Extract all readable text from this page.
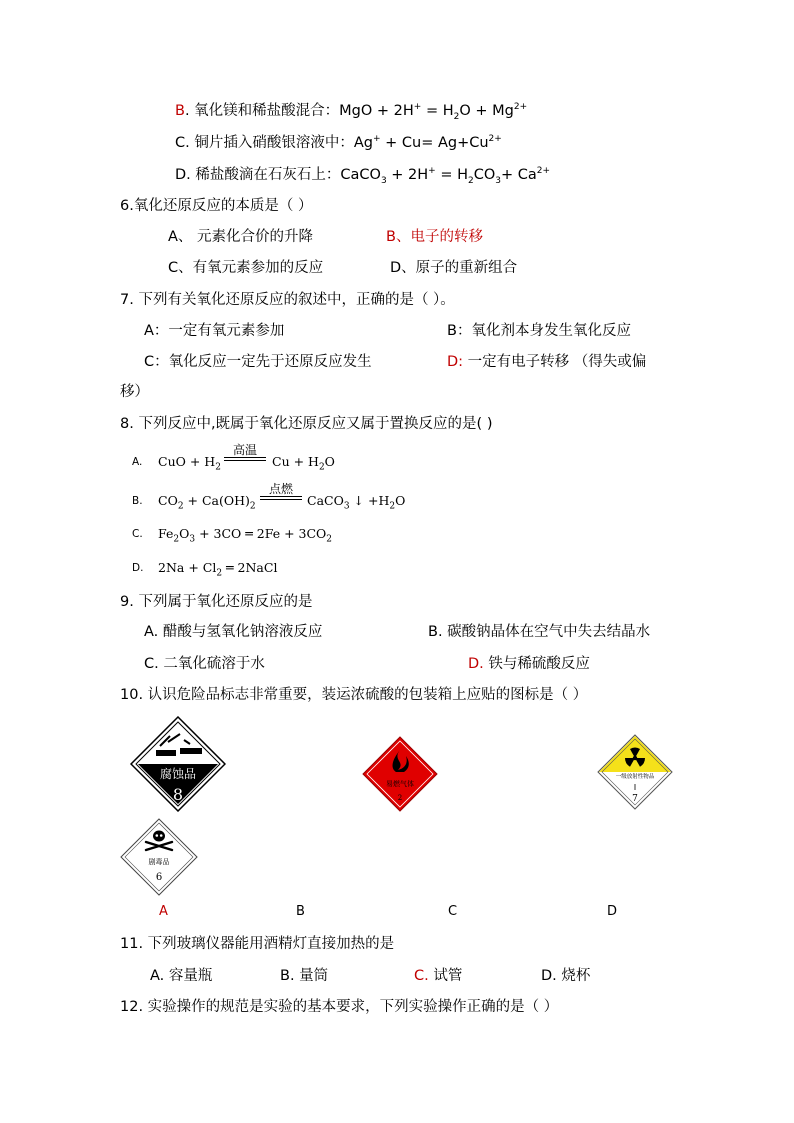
B. 氧化镁和稀盐酸混合：MgO + $2H^+ = H_2O + Mg^{2+}$
C. 铜片插入硝酸银溶液中：$Ag^+ + Cu= Ag+Cu^{2+}$
D. 稀盐酸滴在石灰石上：CaCO$_3$ + $2H^+ = H_2CO_3+ Ca^{2+}$
6.氧化还原反应的本质是（ ）
A、 元素化合价的升降	B、电子的转移
C、有氧元素参加的反应	D、原子的重新组合
7. 下列有关氧化还原反应的叙述中，正确的是（ ）。
A：一定有氧元素参加	B：氧化剂本身发生氧化反应
C：氧化反应一定先于还原反应发生	D: 一定有电子转移 （得失或偏
移）
8. 下列反应中,既属于氧化还原反应又属于置换反应的是( )
A. CuO + $H_2$
高温
$Cu + H_2O$
B. $CO_2 + Ca(OH)_2$
点燃
CaCO$_3$ ↓ $+H_2O$
C. $Fe_2O_3 + 3CO$ ═ $2Fe + 3CO_2$
D. $2Na + Cl_2$ ═ 2NaCl
9. 下列属于氧化还原反应的是
A. 醋酸与氢氧化钠溶液反应	B. 碳酸钠晶体在空气中失去结晶水
C. 二氧化硫溶于水	D. 铁与稀硫酸反应
10. 认识危险品标志非常重要，装运浓硫酸的包装箱上应贴的图标是（ ）
腐蚀品
8
易燃气体
2
一级放射性物品
7
剧毒品
6
A	B	C	D
11. 下列玻璃仪器能用酒精灯直接加热的是
A. 容量瓶	B. 量筒	C. 试管	D. 烧杯
12. 实验操作的规范是实验的基本要求，下列实验操作正确的是（ ）
